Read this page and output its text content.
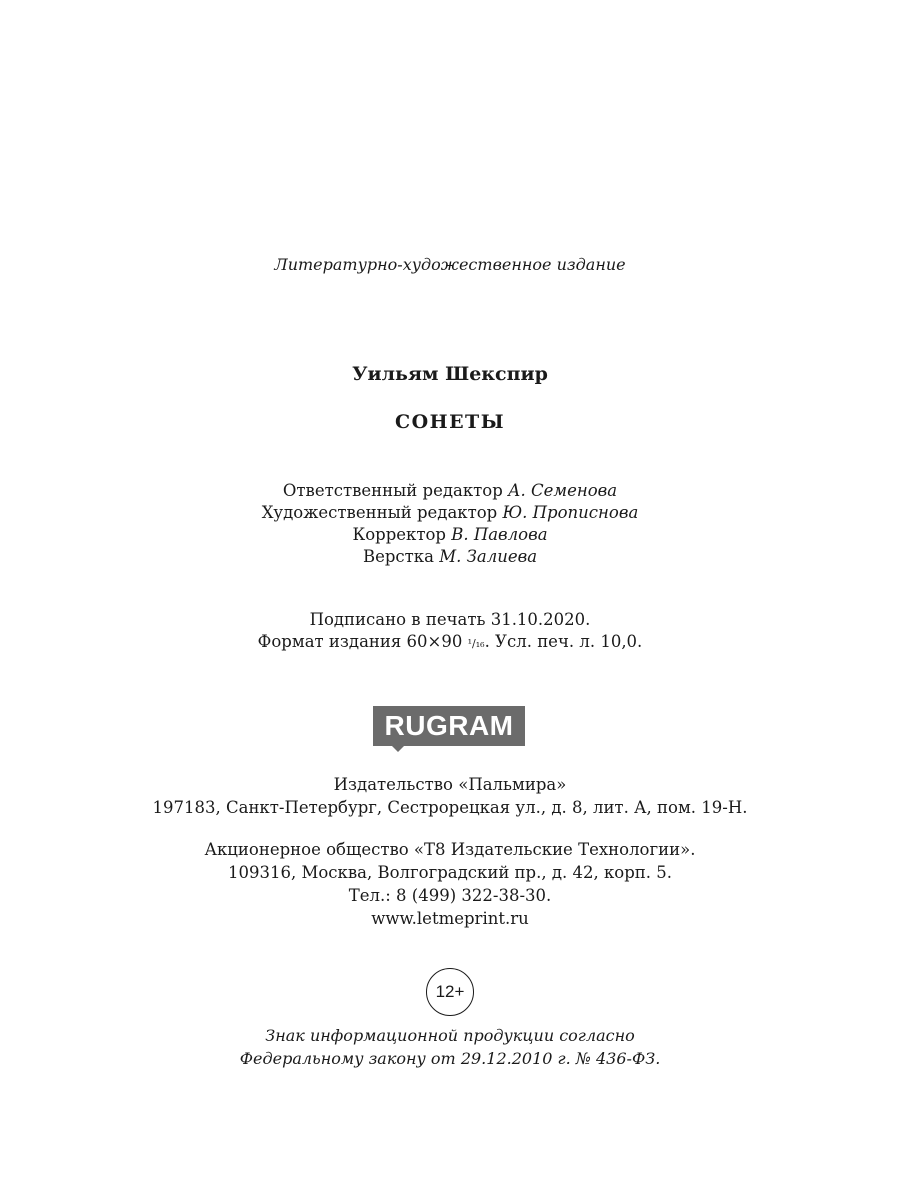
Литературно-художественное издание
Уильям Шекспир
СОНЕТЫ
Ответственный редактор А. Семенова
Художественный редактор Ю. Прописнова
Корректор В. Павлова
Верстка М. Залиева
Подписано в печать 31.10.2020.
Формат издания 60×90 ¹/₁₆. Усл. печ. л. 10,0.
RUGRAM
Издательство «Пальмира»
197183, Санкт-Петербург, Сестрорецкая ул., д. 8, лит. А, пом. 19-Н.
Акционерное общество «Т8 Издательские Технологии».
109316, Москва, Волгоградский пр., д. 42, корп. 5.
Тел.: 8 (499) 322-38-30.
www.letmeprint.ru
12+
Знак информационной продукции согласно
Федеральному закону от 29.12.2010 г. № 436-ФЗ.
